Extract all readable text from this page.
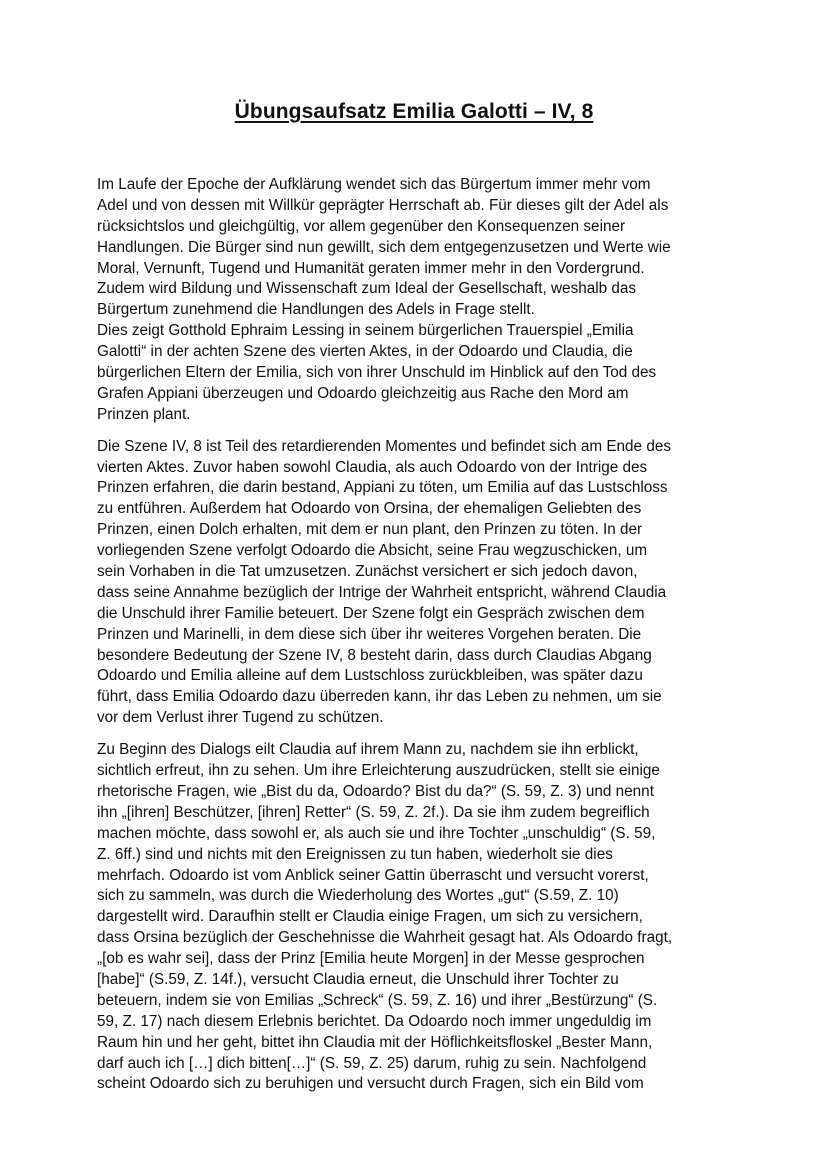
Übungsaufsatz Emilia Galotti – IV, 8
Im Laufe der Epoche der Aufklärung wendet sich das Bürgertum immer mehr vom
Adel und von dessen mit Willkür geprägter Herrschaft ab. Für dieses gilt der Adel als
rücksichtslos und gleichgültig, vor allem gegenüber den Konsequenzen seiner
Handlungen. Die Bürger sind nun gewillt, sich dem entgegenzusetzen und Werte wie
Moral, Vernunft, Tugend und Humanität geraten immer mehr in den Vordergrund.
Zudem wird Bildung und Wissenschaft zum Ideal der Gesellschaft, weshalb das
Bürgertum zunehmend die Handlungen des Adels in Frage stellt.
Dies zeigt Gotthold Ephraim Lessing in seinem bürgerlichen Trauerspiel „Emilia
Galotti“ in der achten Szene des vierten Aktes, in der Odoardo und Claudia, die
bürgerlichen Eltern der Emilia, sich von ihrer Unschuld im Hinblick auf den Tod des
Grafen Appiani überzeugen und Odoardo gleichzeitig aus Rache den Mord am
Prinzen plant.
Die Szene IV, 8 ist Teil des retardierenden Momentes und befindet sich am Ende des
vierten Aktes. Zuvor haben sowohl Claudia, als auch Odoardo von der Intrige des
Prinzen erfahren, die darin bestand, Appiani zu töten, um Emilia auf das Lustschloss
zu entführen. Außerdem hat Odoardo von Orsina, der ehemaligen Geliebten des
Prinzen, einen Dolch erhalten, mit dem er nun plant, den Prinzen zu töten. In der
vorliegenden Szene verfolgt Odoardo die Absicht, seine Frau wegzuschicken, um
sein Vorhaben in die Tat umzusetzen. Zunächst versichert er sich jedoch davon,
dass seine Annahme bezüglich der Intrige der Wahrheit entspricht, während Claudia
die Unschuld ihrer Familie beteuert. Der Szene folgt ein Gespräch zwischen dem
Prinzen und Marinelli, in dem diese sich über ihr weiteres Vorgehen beraten. Die
besondere Bedeutung der Szene IV, 8 besteht darin, dass durch Claudias Abgang
Odoardo und Emilia alleine auf dem Lustschloss zurückbleiben, was später dazu
führt, dass Emilia Odoardo dazu überreden kann, ihr das Leben zu nehmen, um sie
vor dem Verlust ihrer Tugend zu schützen.
Zu Beginn des Dialogs eilt Claudia auf ihrem Mann zu, nachdem sie ihn erblickt,
sichtlich erfreut, ihn zu sehen. Um ihre Erleichterung auszudrücken, stellt sie einige
rhetorische Fragen, wie „Bist du da, Odoardo? Bist du da?“ (S. 59, Z. 3) und nennt
ihn „[ihren] Beschützer, [ihren] Retter“ (S. 59, Z. 2f.). Da sie ihm zudem begreiflich
machen möchte, dass sowohl er, als auch sie und ihre Tochter „unschuldig“ (S. 59,
Z. 6ff.) sind und nichts mit den Ereignissen zu tun haben, wiederholt sie dies
mehrfach. Odoardo ist vom Anblick seiner Gattin überrascht und versucht vorerst,
sich zu sammeln, was durch die Wiederholung des Wortes „gut“ (S.59, Z. 10)
dargestellt wird. Daraufhin stellt er Claudia einige Fragen, um sich zu versichern,
dass Orsina bezüglich der Geschehnisse die Wahrheit gesagt hat. Als Odoardo fragt,
„[ob es wahr sei], dass der Prinz [Emilia heute Morgen] in der Messe gesprochen
[habe]“ (S.59, Z. 14f.), versucht Claudia erneut, die Unschuld ihrer Tochter zu
beteuern, indem sie von Emilias „Schreck“ (S. 59, Z. 16) und ihrer „Bestürzung“ (S.
59, Z. 17) nach diesem Erlebnis berichtet. Da Odoardo noch immer ungeduldig im
Raum hin und her geht, bittet ihn Claudia mit der Höflichkeitsfloskel „Bester Mann,
darf auch ich […] dich bitten[…]“ (S. 59, Z. 25) darum, ruhig zu sein. Nachfolgend
scheint Odoardo sich zu beruhigen und versucht durch Fragen, sich ein Bild vom
